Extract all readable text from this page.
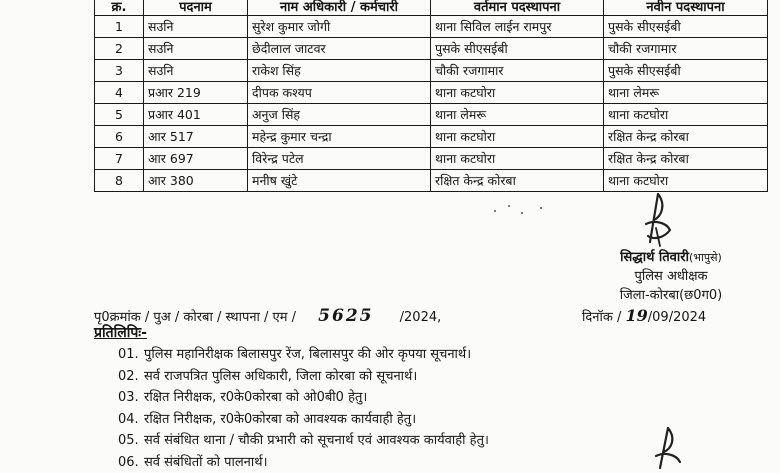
क्र.	पदनाम	नाम अधिकारी / कर्मचारी	वर्तमान पदस्थापना	नवीन पदस्थापना
1	सउनि	सुरेश कुमार जोगी	थाना सिविल लाईन रामपुर	पुसके सीएसईबी
2	सउनि	छेदीलाल जाटवर	पुसके सीएसईबी	चौकी रजगामार
3	सउनि	राकेश सिंह	चौकी रजगामार	पुसके सीएसईबी
4	प्रआर 219	दीपक कश्यप	थाना कटघोरा	थाना लेमरू
5	प्रआर 401	अनुज सिंह	थाना लेमरू	थाना कटघोरा
6	आर 517	महेन्द्र कुमार चन्द्रा	थाना कटघोरा	रक्षित केन्द्र कोरबा
7	आर 697	विरेन्द्र पटेल	थाना कटघोरा	रक्षित केन्द्र कोरबा
8	आर 380	मनीष खुंटे	रक्षित केन्द्र कोरबा	थाना कटघोरा
सिद्धार्थ तिवारी(भापुसे)
पुलिस अधीक्षक
जिला-कोरबा(छ0ग0)
पृ0क्रमांक / पुअ / कोरबा / स्थापना / एम / 5625 /2024,	दिनॉक / 19/09/2024
प्रतिलिपिः-
01. पुलिस महानिरीक्षक बिलासपुर रेंज, बिलासपुर की ओर कृपया सूचनार्थ।
02. सर्व राजपत्रित पुलिस अधिकारी, जिला कोरबा को सूचनार्थ।
03. रक्षित निरीक्षक, र0के0कोरबा को ओ0बी0 हेतु।
04. रक्षित निरीक्षक, र0के0कोरबा को आवश्यक कार्यवाही हेतु।
05. सर्व संबंधित थाना / चौकी प्रभारी को सूचनार्थ एवं आवश्यक कार्यवाही हेतु।
06. सर्व संबंधितों को पालनार्थ।
